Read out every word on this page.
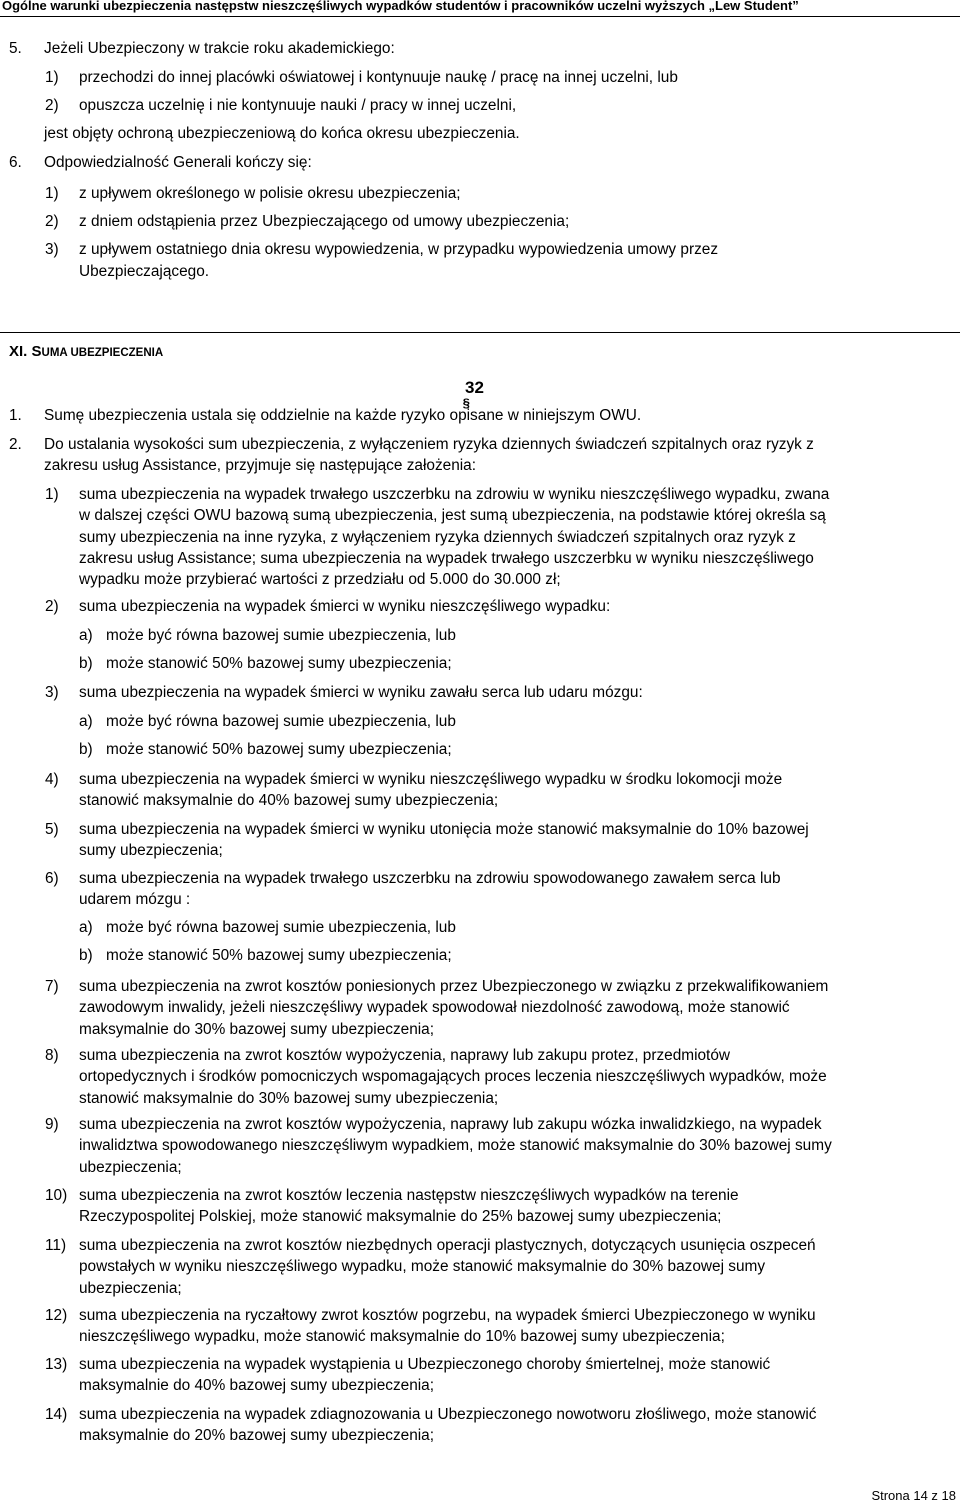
Ogólne warunki ubezpieczenia następstw nieszczęśliwych wypadków studentów i pracowników uczelni wyższych „Lew Student”
5. Jeżeli Ubezpieczony w trakcie roku akademickiego:
1) przechodzi do innej placówki oświatowej i kontynuuje naukę / pracę na innej uczelni, lub
2) opuszcza uczelnię i nie kontynuuje nauki / pracy w innej uczelni,
jest objęty ochroną ubezpieczeniową do końca okresu ubezpieczenia.
6. Odpowiedzialność Generali kończy się:
1) z upływem określonego w polisie okresu ubezpieczenia;
2) z dniem odstąpienia przez Ubezpieczającego od umowy ubezpieczenia;
3) z upływem ostatniego dnia okresu wypowiedzenia, w przypadku wypowiedzenia umowy przez
Ubezpieczającego.
XI. SUMA UBEZPIECZENIA
32
§
1. Sumę ubezpieczenia ustala się oddzielnie na każde ryzyko opisane w niniejszym OWU.
2. Do ustalania wysokości sum ubezpieczenia, z wyłączeniem ryzyka dziennych świadczeń szpitalnych oraz ryzyk z
zakresu usług Assistance, przyjmuje się następujące założenia:
1) suma ubezpieczenia na wypadek trwałego uszczerbku na zdrowiu w wyniku nieszczęśliwego wypadku, zwana
w dalszej części OWU bazową sumą ubezpieczenia, jest sumą ubezpieczenia, na podstawie której określa są
sumy ubezpieczenia na inne ryzyka, z wyłączeniem ryzyka dziennych świadczeń szpitalnych oraz ryzyk z
zakresu usług Assistance; suma ubezpieczenia na wypadek trwałego uszczerbku w wyniku nieszczęśliwego
wypadku może przybierać wartości z przedziału od 5.000 do 30.000 zł;
2) suma ubezpieczenia na wypadek śmierci w wyniku nieszczęśliwego wypadku:
a) może być równa bazowej sumie ubezpieczenia, lub
b) może stanowić 50% bazowej sumy ubezpieczenia;
3) suma ubezpieczenia na wypadek śmierci w wyniku zawału serca lub udaru mózgu:
a) może być równa bazowej sumie ubezpieczenia, lub
b) może stanowić 50% bazowej sumy ubezpieczenia;
4) suma ubezpieczenia na wypadek śmierci w wyniku nieszczęśliwego wypadku w środku lokomocji może
stanowić maksymalnie do 40% bazowej sumy ubezpieczenia;
5) suma ubezpieczenia na wypadek śmierci w wyniku utonięcia może stanowić maksymalnie do 10% bazowej
sumy ubezpieczenia;
6) suma ubezpieczenia na wypadek trwałego uszczerbku na zdrowiu spowodowanego zawałem serca lub
udarem mózgu :
a) może być równa bazowej sumie ubezpieczenia, lub
b) może stanowić 50% bazowej sumy ubezpieczenia;
7) suma ubezpieczenia na zwrot kosztów poniesionych przez Ubezpieczonego w związku z przekwalifikowaniem
zawodowym inwalidy, jeżeli nieszczęśliwy wypadek spowodował niezdolność zawodową, może stanowić
maksymalnie do 30% bazowej sumy ubezpieczenia;
8) suma ubezpieczenia na zwrot kosztów wypożyczenia, naprawy lub zakupu protez, przedmiotów
ortopedycznych i środków pomocniczych wspomagających proces leczenia nieszczęśliwych wypadków, może
stanowić maksymalnie do 30% bazowej sumy ubezpieczenia;
9) suma ubezpieczenia na zwrot kosztów wypożyczenia, naprawy lub zakupu wózka inwalidzkiego, na wypadek
inwalidztwa spowodowanego nieszczęśliwym wypadkiem, może stanowić maksymalnie do 30% bazowej sumy
ubezpieczenia;
10) suma ubezpieczenia na zwrot kosztów leczenia następstw nieszczęśliwych wypadków na terenie
Rzeczypospolitej Polskiej, może stanowić maksymalnie do 25% bazowej sumy ubezpieczenia;
11) suma ubezpieczenia na zwrot kosztów niezbędnych operacji plastycznych, dotyczących usunięcia oszpeceń
powstałych w wyniku nieszczęśliwego wypadku, może stanowić maksymalnie do 30% bazowej sumy
ubezpieczenia;
12) suma ubezpieczenia na ryczałtowy zwrot kosztów pogrzebu, na wypadek śmierci Ubezpieczonego w wyniku
nieszczęśliwego wypadku, może stanowić maksymalnie do 10% bazowej sumy ubezpieczenia;
13) suma ubezpieczenia na wypadek wystąpienia u Ubezpieczonego choroby śmiertelnej, może stanowić
maksymalnie do 40% bazowej sumy ubezpieczenia;
14) suma ubezpieczenia na wypadek zdiagnozowania u Ubezpieczonego nowotworu złośliwego, może stanowić
maksymalnie do 20% bazowej sumy ubezpieczenia;
Strona 14 z 18
